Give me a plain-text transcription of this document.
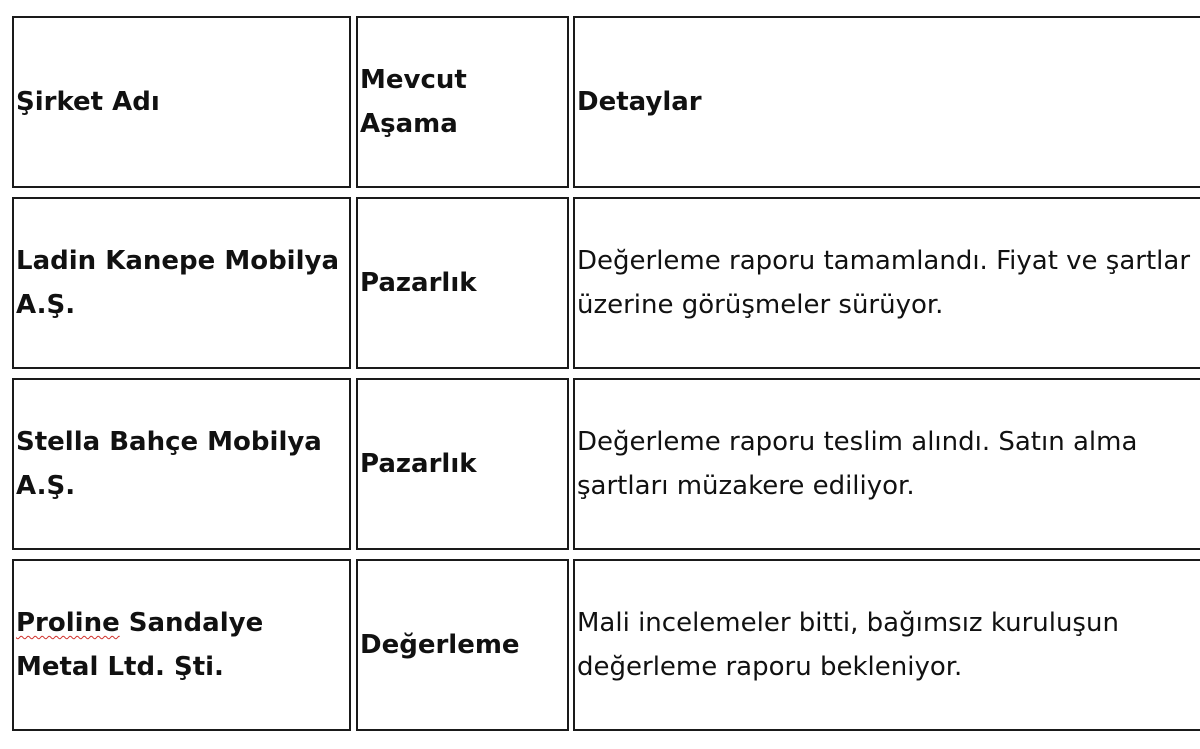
Şirket Adı
Mevcut Aşama
Detaylar
Ladin Kanepe Mobilya A.Ş.
Pazarlık
Değerleme raporu tamamlandı. Fiyat ve şartlar üzerine görüşmeler sürüyor.
Stella Bahçe Mobilya A.Ş.
Pazarlık
Değerleme raporu teslim alındı. Satın alma şartları müzakere ediliyor.
Proline Sandalye Metal Ltd. Şti.
Değerleme
Mali incelemeler bitti, bağımsız kuruluşun değerleme raporu bekleniyor.
